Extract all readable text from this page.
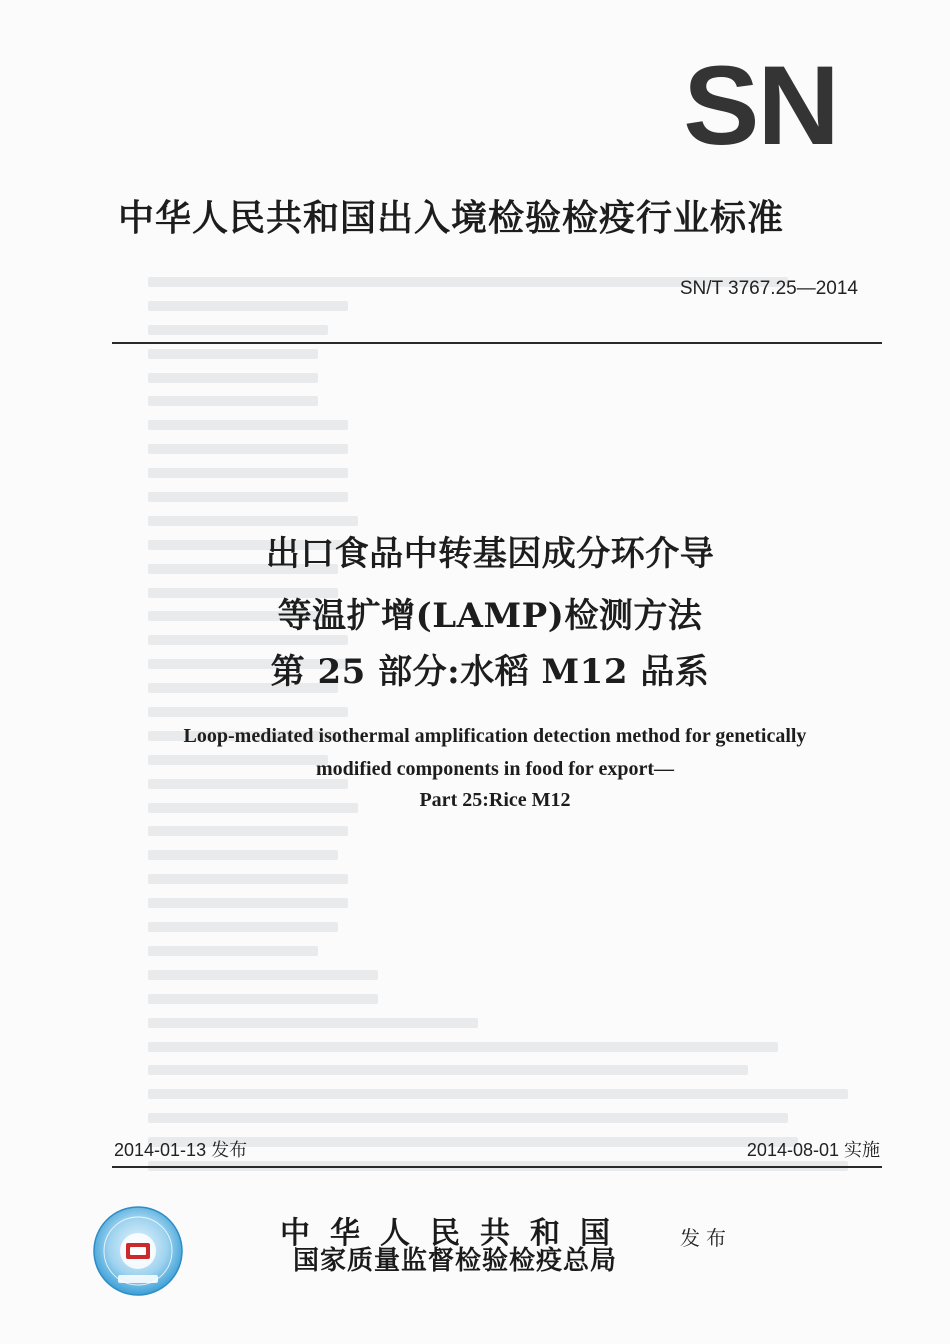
SN
中华人民共和国出入境检验检疫行业标准
SN/T 3767.25—2014
出口食品中转基因成分环介导
等温扩增(LAMP)检测方法
第 25 部分:水稻 M12 品系
Loop-mediated isothermal amplification detection method for genetically
modified components in food for export—
Part 25:Rice M12
2014-01-13 发布	2014-08-01 实施
中华人民共和国
国家质量监督检验检疫总局
发布
